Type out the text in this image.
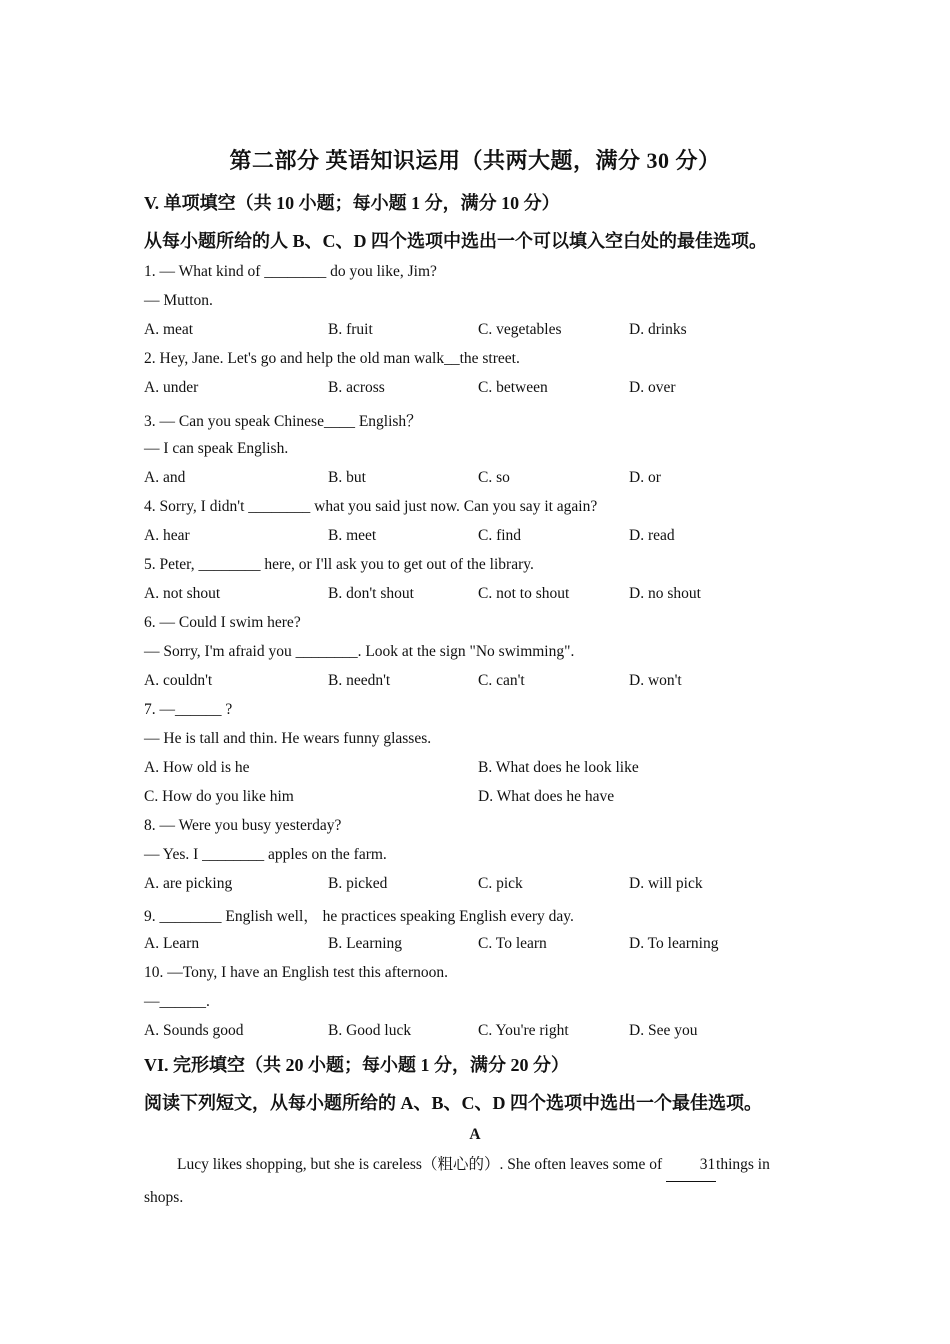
第二部分 英语知识运用（共两大题，满分 30 分）
V. 单项填空（共 10 小题；每小题 1 分，满分 10 分）
从每小题所给的人 B、C、D 四个选项中选出一个可以填入空白处的最佳选项。
1. — What kind of ________ do you like, Jim?
— Mutton.
A. meat	B. fruit	C. vegetables	D. drinks
2. Hey, Jane. Let's go and help the old man walk__the street.
A. under	B. across	C. between	D. over
3. — Can you speak Chinese____ English？
— I can speak English.
A. and	B. but	C. so	D. or
4. Sorry, I didn't ________ what you said just now. Can you say it again?
A. hear	B. meet	C. find	D. read
5. Peter, ________ here, or I'll ask you to get out of the library.
A. not shout	B. don't shout	C. not to shout	D. no shout
6. — Could I swim here?
— Sorry, I'm afraid you ________. Look at the sign "No swimming".
A. couldn't	B. needn't	C. can't	D. won't
7. —______ ?
— He is tall and thin. He wears funny glasses.
A. How old is he	B. What does he look like
C. How do you like him	D. What does he have
8. — Were you busy yesterday?
— Yes. I ________ apples on the farm.
A. are picking	B. picked	C. pick	D. will pick
9. ________ English well， he practices speaking English every day.
A. Learn	B. Learning	C. To learn	D. To learning
10. —Tony, I have an English test this afternoon.
—______.
A. Sounds good	B. Good luck	C. You're right	D. See you
VI. 完形填空（共 20 小题；每小题 1 分，满分 20 分）
阅读下列短文，从每小题所给的 A、B、C、D 四个选项中选出一个最佳选项。
A
Lucy likes shopping, but she is careless（粗心的）. She often leaves some of 31things in shops.
